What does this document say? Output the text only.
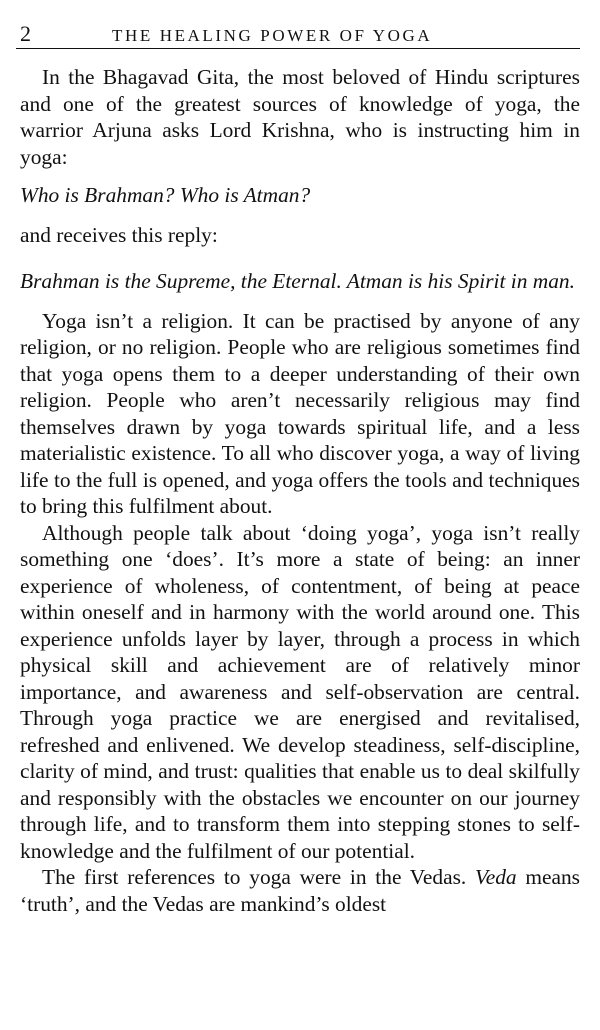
2	THE HEALING POWER OF YOGA

In the Bhagavad Gita, the most beloved of Hindu scriptures and one of the greatest sources of knowledge of yoga, the warrior Arjuna asks Lord Krishna, who is instructing him in yoga:

Who is Brahman? Who is Atman?

and receives this reply:

Brahman is the Supreme, the Eternal. Atman is his Spirit in man.

Yoga isn’t a religion. It can be practised by anyone of any religion, or no religion. People who are religious sometimes find that yoga opens them to a deeper understanding of their own religion. People who aren’t necessarily religious may find themselves drawn by yoga towards spiritual life, and a less materialistic existence. To all who discover yoga, a way of living life to the full is opened, and yoga offers the tools and techniques to bring this fulfilment about.

Although people talk about ‘doing yoga’, yoga isn’t really something one ‘does’. It’s more a state of being: an inner experience of wholeness, of contentment, of being at peace within oneself and in harmony with the world around one. This experience unfolds layer by layer, through a process in which physical skill and achievement are of relatively minor importance, and awareness and self-observation are central. Through yoga practice we are energised and revitalised, refreshed and enlivened. We develop steadiness, self-discipline, clarity of mind, and trust: qualities that enable us to deal skilfully and responsibly with the obstacles we encounter on our journey through life, and to transform them into stepping stones to self-knowledge and the fulfilment of our potential.

The first references to yoga were in the Vedas. Veda means ‘truth’, and the Vedas are mankind’s oldest
